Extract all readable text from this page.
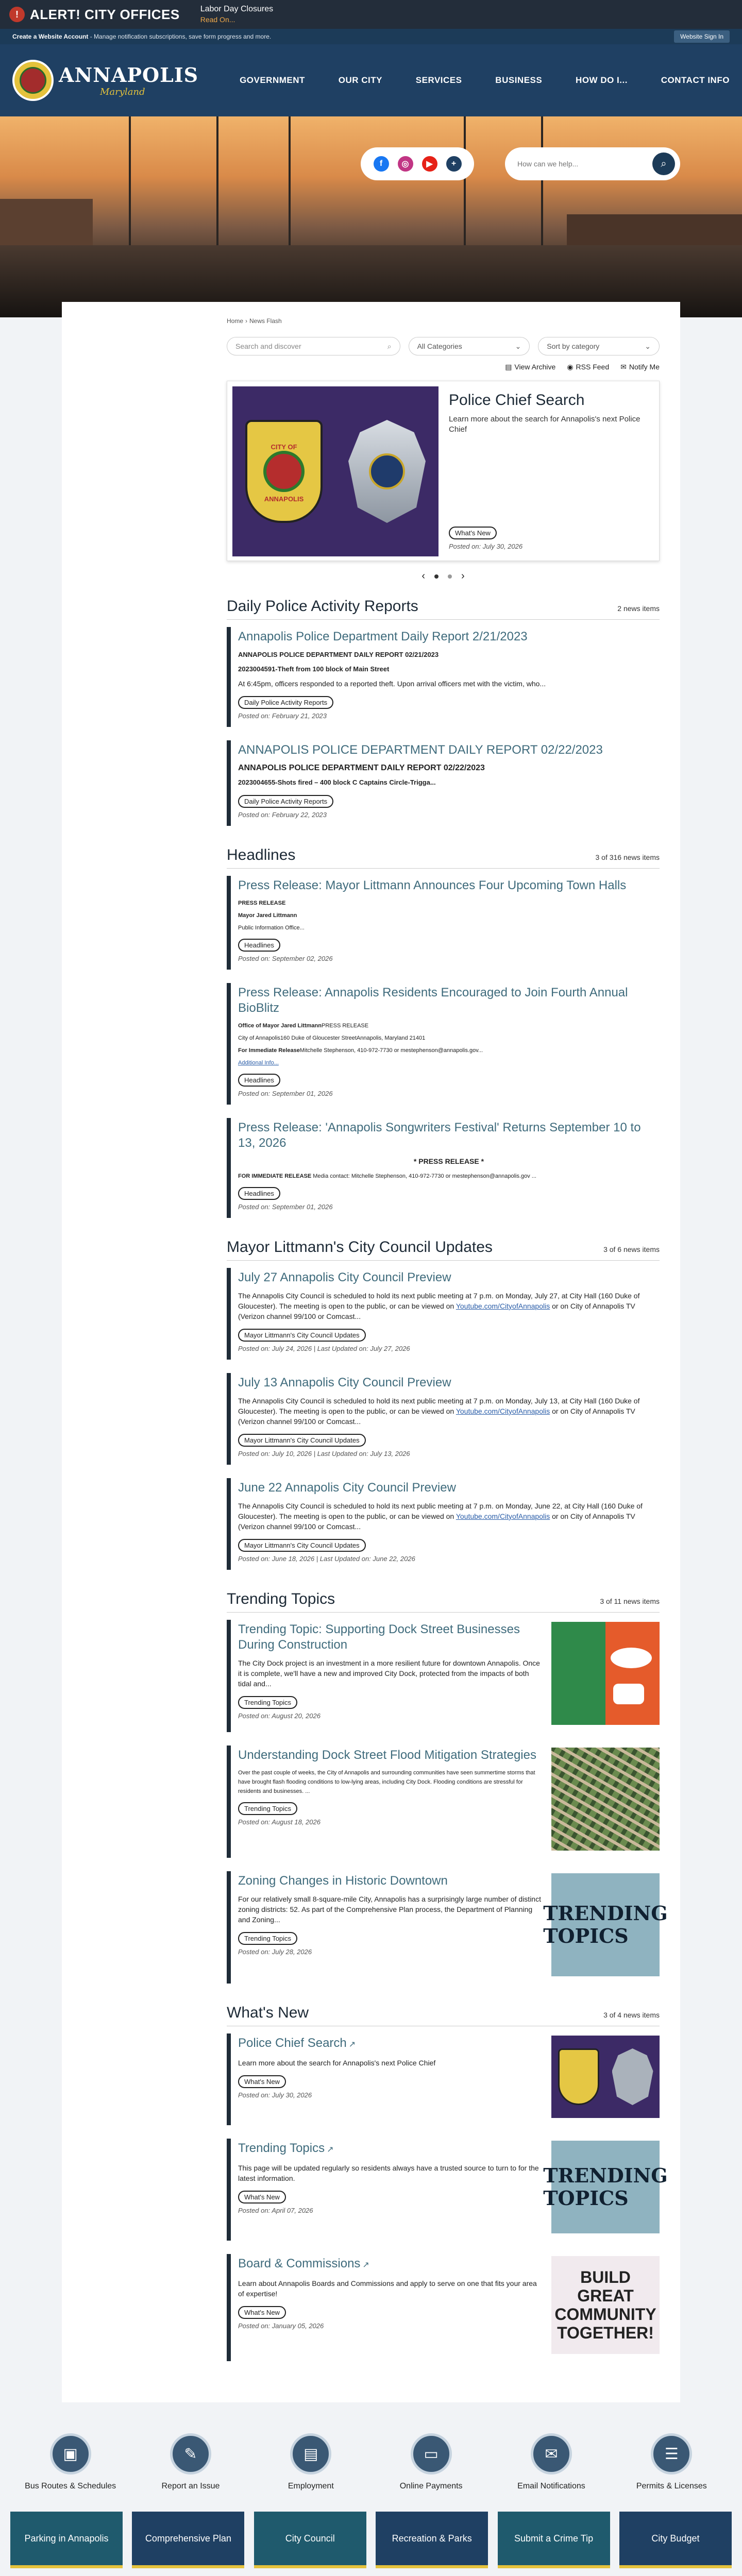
! ALERT! CITY OFFICES	Labor Day Closures
Read On...
Create a Website Account - Manage notification subscriptions, save form progress and more.	Website Sign In
ANNAPOLIS
Maryland
GOVERNMENT	OUR CITY	SERVICES	BUSINESS	HOW DO I...	CONTACT INFO
f	◎	▶	+
How can we help...	⌕
Home › News Flash
Search and discover	⌕	All Categories	⌄	Sort by category	⌄
▤ View Archive ◉ RSS Feed ✉ Notify Me
CITY OF
ANNAPOLIS
Police Chief Search

Learn more about the search for Annapolis's next Police Chief

What's New
Posted on: July 30, 2026
‹	›
Daily Police Activity Reports	2 news items
Annapolis Police Department Daily Report 2/21/2023
ANNAPOLIS POLICE DEPARTMENT DAILY REPORT 02/21/2023
2023004591-Theft from 100 block of Main Street
At 6:45pm, officers responded to a reported theft. Upon arrival officers met with the victim, who...
Daily Police Activity Reports
Posted on: February 21, 2023
ANNAPOLIS POLICE DEPARTMENT DAILY REPORT 02/22/2023
ANNAPOLIS POLICE DEPARTMENT DAILY REPORT 02/22/2023
2023004655-Shots fired – 400 block C Captains Circle-Trigga...
Daily Police Activity Reports
Posted on: February 22, 2023
Headlines	3 of 316 news items
Press Release: Mayor Littmann Announces Four Upcoming Town Halls
PRESS RELEASE
Mayor Jared Littmann
Public Information Office...
Headlines
Posted on: September 02, 2026
Press Release: Annapolis Residents Encouraged to Join Fourth Annual BioBlitz
Office of Mayor Jared LittmannPRESS RELEASE
City of Annapolis160 Duke of Gloucester StreetAnnapolis, Maryland 21401
For Immediate ReleaseMitchelle Stephenson, 410-972-7730 or mestephenson@annapolis.gov...
Additional Info...
Headlines
Posted on: September 01, 2026
Press Release: 'Annapolis Songwriters Festival' Returns September 10 to 13, 2026
* PRESS RELEASE *
FOR IMMEDIATE RELEASE Media contact: Mitchelle Stephenson, 410-972-7730 or mestephenson@annapolis.gov ...
Headlines
Posted on: September 01, 2026
Mayor Littmann's City Council Updates	3 of 6 news items
July 27 Annapolis City Council Preview
The Annapolis City Council is scheduled to hold its next public meeting at 7 p.m. on Monday, July 27, at City Hall (160 Duke of Gloucester). The meeting is open to the public, or can be viewed on Youtube.com/CityofAnnapolis or on City of Annapolis TV (Verizon channel 99/100 or Comcast...
Mayor Littmann's City Council Updates
Posted on: July 24, 2026 | Last Updated on: July 27, 2026
July 13 Annapolis City Council Preview
The Annapolis City Council is scheduled to hold its next public meeting at 7 p.m. on Monday, July 13, at City Hall (160 Duke of Gloucester). The meeting is open to the public, or can be viewed on Youtube.com/CityofAnnapolis or on City of Annapolis TV (Verizon channel 99/100 or Comcast...
Mayor Littmann's City Council Updates
Posted on: July 10, 2026 | Last Updated on: July 13, 2026
June 22 Annapolis City Council Preview
The Annapolis City Council is scheduled to hold its next public meeting at 7 p.m. on Monday, June 22, at City Hall (160 Duke of Gloucester). The meeting is open to the public, or can be viewed on Youtube.com/CityofAnnapolis or on City of Annapolis TV (Verizon channel 99/100 or Comcast...
Mayor Littmann's City Council Updates
Posted on: June 18, 2026 | Last Updated on: June 22, 2026
Trending Topics	3 of 11 news items
Trending Topic: Supporting Dock Street Businesses During Construction
The City Dock project is an investment in a more resilient future for downtown Annapolis. Once it is complete, we'll have a new and improved City Dock, protected from the impacts of both tidal and...
Trending Topics
Posted on: August 20, 2026
Understanding Dock Street Flood Mitigation Strategies
Over the past couple of weeks, the City of Annapolis and surrounding communities have seen summertime storms that have brought flash flooding conditions to low-lying areas, including City Dock. Flooding conditions are stressful for residents and businesses. ...
Trending Topics
Posted on: August 18, 2026
Zoning Changes in Historic Downtown
For our relatively small 8-square-mile City, Annapolis has a surprisingly large number of distinct zoning districts: 52. As part of the Comprehensive Plan process, the Department of Planning and Zoning...
Trending Topics
Posted on: July 28, 2026
TRENDING TOPICS
What's New	3 of 4 news items
Police Chief Search ↗
Learn more about the search for Annapolis's next Police Chief
What's New
Posted on: July 30, 2026
Trending Topics ↗
This page will be updated regularly so residents always have a trusted source to turn to for the latest information.
What's New
Posted on: April 07, 2026
TRENDING TOPICS
Board & Commissions ↗
Learn about Annapolis Boards and Commissions and apply to serve on one that fits your area of expertise!
What's New
Posted on: January 05, 2026
BUILD GREAT COMMUNITY TOGETHER!
▣
Bus Routes & Schedules
✎
Report an Issue
▤
Employment
▭
Online Payments
✉
Email Notifications
☰
Permits & Licenses
Parking in Annapolis	Comprehensive Plan	City Council	Recreation & Parks	Submit a Crime Tip	City Budget
